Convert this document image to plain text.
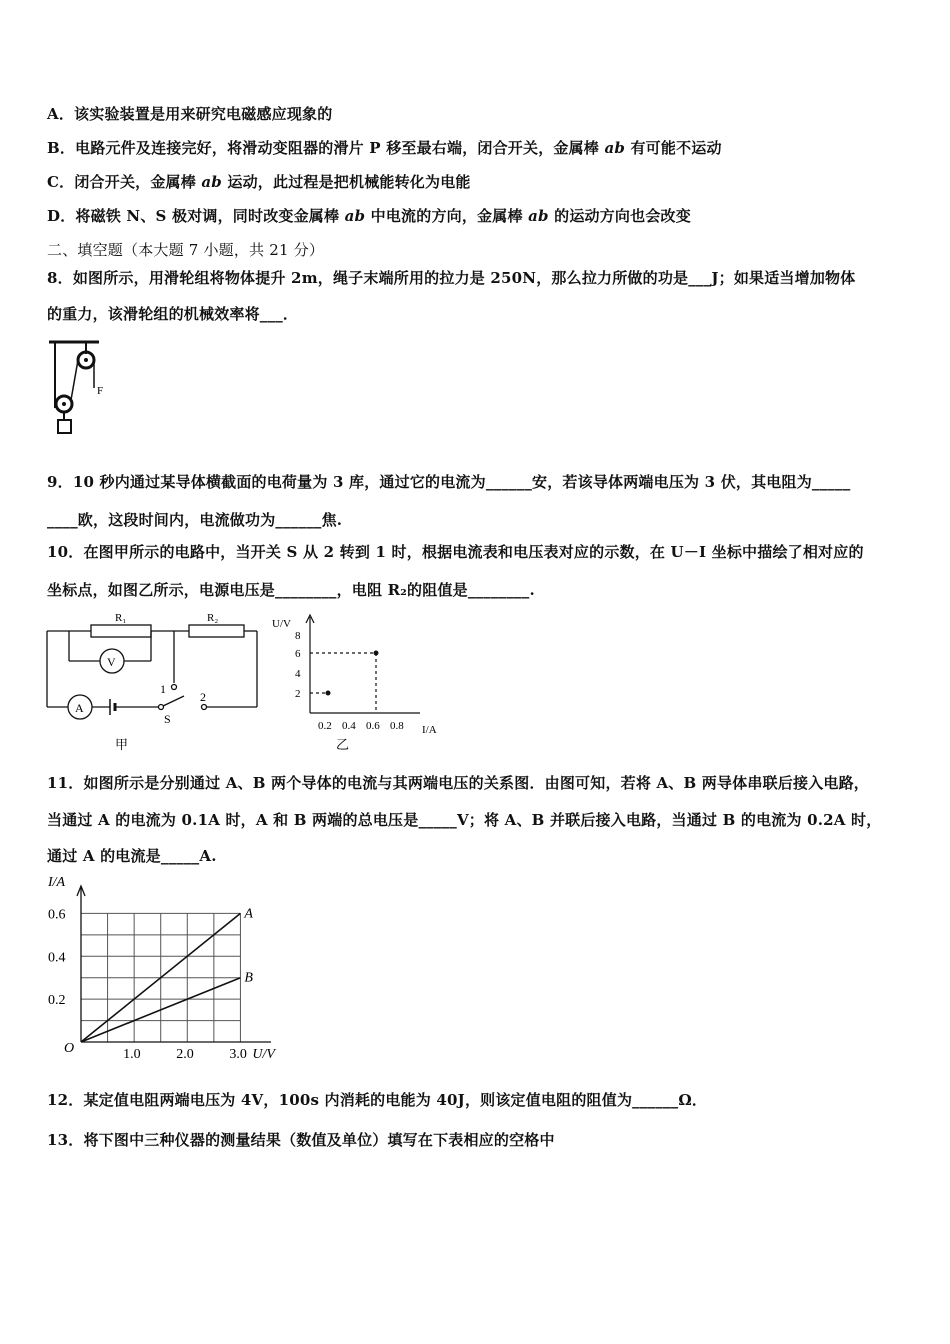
A．该实验装置是用来研究电磁感应现象的
B．电路元件及连接完好，将滑动变阻器的滑片 P 移至最右端，闭合开关，金属棒 ab 有可能不运动
C．闭合开关，金属棒 ab 运动，此过程是把机械能转化为电能
D．将磁铁 N、S 极对调，同时改变金属棒 ab 中电流的方向，金属棒 ab 的运动方向也会改变
二、填空题（本大题 7 小题，共 21 分）
8．如图所示，用滑轮组将物体提升 2m，绳子末端所用的拉力是 250N，那么拉力所做的功是___J；如果适当增加物体
的重力，该滑轮组的机械效率将___．
F
9．10 秒内通过某导体横截面的电荷量为 3 库，通过它的电流为______安，若该导体两端电压为 3 伏，其电阻为_____
____欧，这段时间内，电流做功为______焦.
10．在图甲所示的电路中，当开关 S 从 2 转到 1 时，根据电流表和电压表对应的示数，在 U－I 坐标中描绘了相对应的
坐标点，如图乙所示，电源电压是________，电阻 R₂的阻值是________.
R₁	R₂
V
A
1
2
S
甲
U/V
2
4
6
8
0.2 0.4 0.6 0.8 I/A
乙
11．如图所示是分别通过 A、B 两个导体的电流与其两端电压的关系图．由图可知，若将 A、B 两导体串联后接入电路，
当通过 A 的电流为 0.1A 时，A 和 B 两端的总电压是_____V；将 A、B 并联后接入电路，当通过 B 的电流为 0.2A 时，
通过 A 的电流是_____A.
A
B
1.0	2.0	3.0
0.2
0.4
0.6
O
I/A
U/V
12．某定值电阻两端电压为 4V，100s 内消耗的电能为 40J，则该定值电阻的阻值为______Ω．
13．将下图中三种仪器的测量结果（数值及单位）填写在下表相应的空格中
